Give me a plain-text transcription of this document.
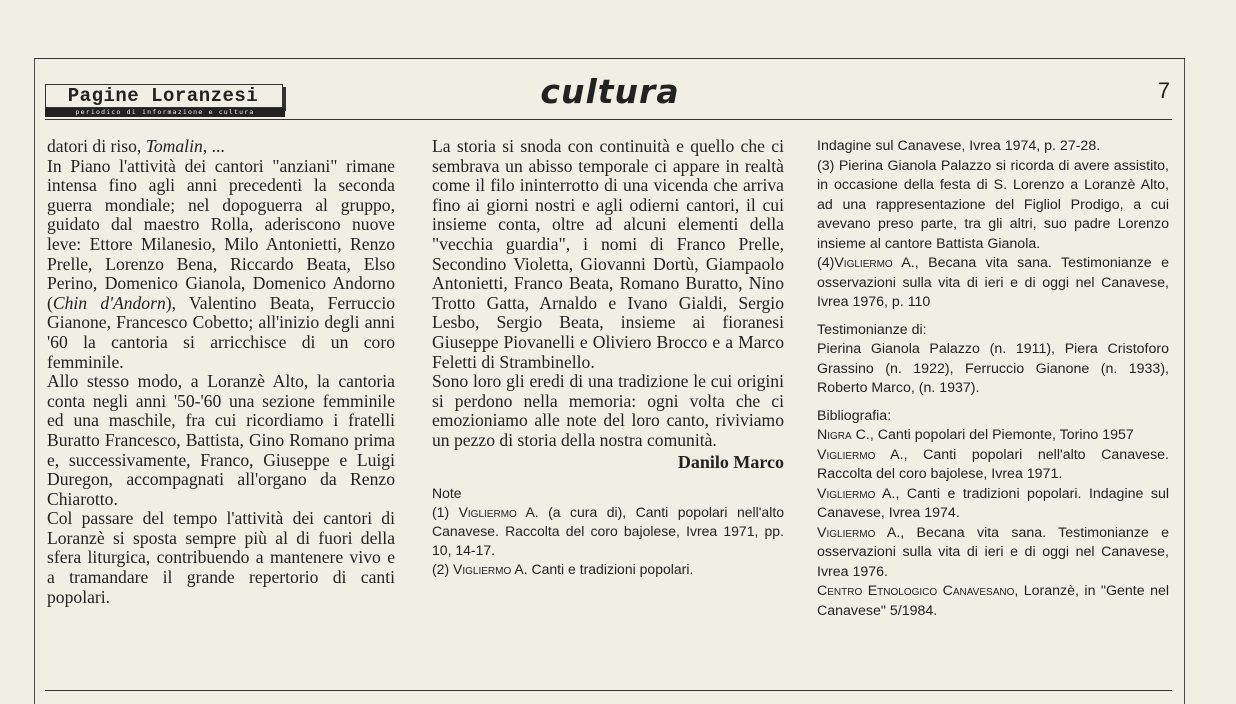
Pagine Loranzesi
periodico di informazione e cultura
cultura	7

datori di riso, Tomalin, ...

In Piano l'attività dei cantori "anziani" rimane intensa fino agli anni precedenti la seconda guerra mondiale; nel dopoguerra al gruppo, guidato dal maestro Rolla, aderiscono nuove leve: Ettore Milanesio, Milo Antonietti, Renzo Prelle, Lorenzo Bena, Riccardo Beata, Elso Perino, Domenico Gianola, Domenico Andorno (Chin d'Andorn), Valentino Beata, Ferruccio Gianone, Francesco Cobetto; all'inizio degli anni '60 la cantoria si arricchisce di un coro femminile.

Allo stesso modo, a Loranzè Alto, la cantoria conta negli anni '50-'60 una sezione femminile ed una maschile, fra cui ricordiamo i fratelli Buratto Francesco, Battista, Gino Romano prima e, successivamente, Franco, Giuseppe e Luigi Duregon, accompagnati all'organo da Renzo Chiarotto.

Col passare del tempo l'attività dei cantori di Loranzè si sposta sempre più al di fuori della sfera liturgica, contribuendo a mantenere vivo e a tramandare il grande repertorio di canti popolari.

La storia si snoda con continuità e quello che ci sembrava un abisso temporale ci appare in realtà come il filo ininterrotto di una vicenda che arriva fino ai giorni nostri e agli odierni cantori, il cui insieme conta, oltre ad alcuni elementi della "vecchia guardia", i nomi di Franco Prelle, Secondino Violetta, Giovanni Dortù, Giampaolo Antonietti, Franco Beata, Romano Buratto, Nino Trotto Gatta, Arnaldo e Ivano Gialdi, Sergio Lesbo, Sergio Beata, insieme ai fioranesi Giuseppe Piovanelli e Oliviero Brocco e a Marco Feletti di Strambinello.

Sono loro gli eredi di una tradizione le cui origini si perdono nella memoria: ogni volta che ci emozioniamo alle note del loro canto, riviviamo un pezzo di storia della nostra comunità.

Danilo Marco

Note

(1) Vigliermo A. (a cura di), Canti popolari nell'alto Canavese. Raccolta del coro bajolese, Ivrea 1971, pp. 10, 14-17.

(2) Vigliermo A. Canti e tradizioni popolari.

Indagine sul Canavese, Ivrea 1974, p. 27-28.

(3) Pierina Gianola Palazzo si ricorda di avere assistito, in occasione della festa di S. Lorenzo a Loranzè Alto, ad una rappresentazione del Figliol Prodigo, a cui avevano preso parte, tra gli altri, suo padre Lorenzo insieme al cantore Battista Gianola.

(4)Vigliermo A., Becana vita sana. Testimonianze e osservazioni sulla vita di ieri e di oggi nel Canavese, Ivrea 1976, p. 110

Testimonianze di:

Pierina Gianola Palazzo (n. 1911), Piera Cristoforo Grassino (n. 1922), Ferruccio Gianone (n. 1933), Roberto Marco, (n. 1937).

Bibliografia:

Nigra C., Canti popolari del Piemonte, Torino 1957

Vigliermo A., Canti popolari nell'alto Canavese. Raccolta del coro bajolese, Ivrea 1971.

Vigliermo A., Canti e tradizioni popolari. Indagine sul Canavese, Ivrea 1974.

Vigliermo A., Becana vita sana. Testimonianze e osservazioni sulla vita di ieri e di oggi nel Canavese, Ivrea 1976.

Centro Etnologico Canavesano, Loranzè, in "Gente nel Canavese" 5/1984.
